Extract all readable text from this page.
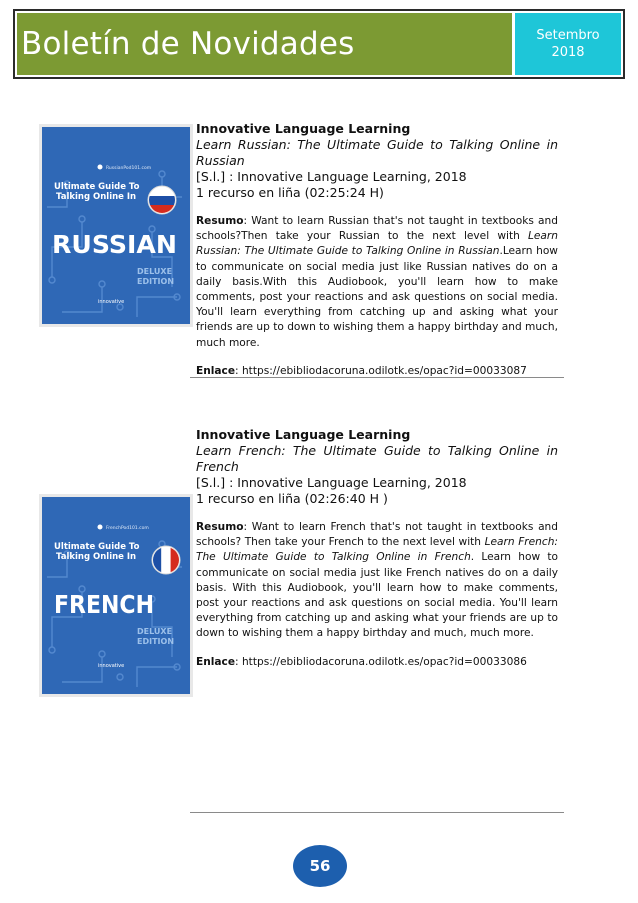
Boletín de Novidades	Setembro
2018
RussianPod101.com
Ultimate Guide To
Talking Online In
RUSSIAN
DELUXE
EDITION
innovative
Innovative Language Learning
Learn Russian: The Ultimate Guide to Talking Online in Russian
[S.l.] : Innovative Language Learning, 2018
1 recurso en liña (02:25:24 H)
Resumo: Want to learn Russian that's not taught in textbooks and schools?Then take your Russian to the next level with Learn Russian: The Ultimate Guide to Talking Online in Russian.Learn how to communicate on social media just like Russian natives do on a daily basis.With this Audiobook, you'll learn how to make comments, post your reactions and ask questions on social media. You'll learn everything from catching up and asking what your friends are up to down to wishing them a happy birthday and much, much more.
Enlace: https://ebibliodacoruna.odilotk.es/opac?id=00033087
FrenchPod101.com
Ultimate Guide To
Talking Online In
FRENCH
DELUXE
EDITION
innovative
Innovative Language Learning
Learn French: The Ultimate Guide to Talking Online in French
[S.l.] : Innovative Language Learning, 2018
1 recurso en liña (02:26:40 H )
Resumo: Want to learn French that's not taught in textbooks and schools? Then take your French to the next level with Learn French: The Ultimate Guide to Talking Online in French. Learn how to communicate on social media just like French natives do on a daily basis. With this Audiobook, you'll learn how to make comments, post your reactions and ask questions on social media. You'll learn everything from catching up and asking what your friends are up to down to wishing them a happy birthday and much, much more.
Enlace: https://ebibliodacoruna.odilotk.es/opac?id=00033086
56
